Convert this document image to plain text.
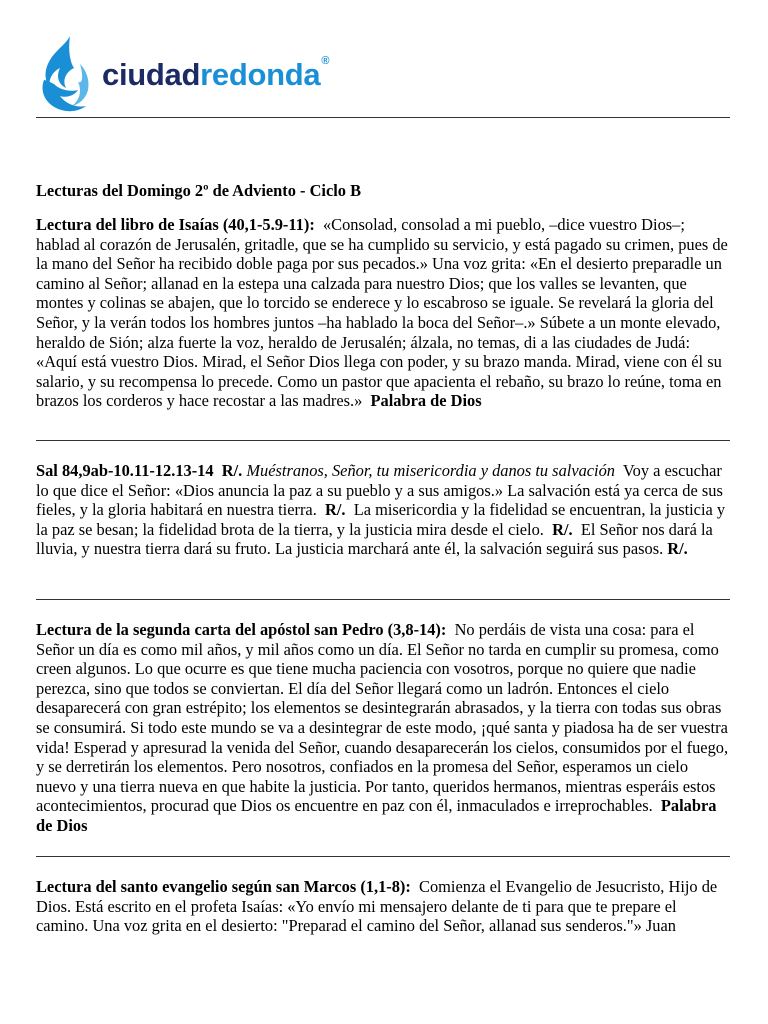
ciudad redonda ®
Lecturas del Domingo 2º de Adviento - Ciclo B
Lectura del libro de Isaías (40,1-5.9-11): «Consolad, consolad a mi pueblo, –dice vuestro Dios–; hablad al corazón de Jerusalén, gritadle, que se ha cumplido su servicio, y está pagado su crimen, pues de la mano del Señor ha recibido doble paga por sus pecados.» Una voz grita: «En el desierto preparadle un camino al Señor; allanad en la estepa una calzada para nuestro Dios; que los valles se levanten, que montes y colinas se abajen, que lo torcido se enderece y lo escabroso se iguale. Se revelará la gloria del Señor, y la verán todos los hombres juntos –ha hablado la boca del Señor–.» Súbete a un monte elevado, heraldo de Sión; alza fuerte la voz, heraldo de Jerusalén; álzala, no temas, di a las ciudades de Judá: «Aquí está vuestro Dios. Mirad, el Señor Dios llega con poder, y su brazo manda. Mirad, viene con él su salario, y su recompensa lo precede. Como un pastor que apacienta el rebaño, su brazo lo reúne, toma en brazos los corderos y hace recostar a las madres.» Palabra de Dios
Sal 84,9ab-10.11-12.13-14 R/. Muéstranos, Señor, tu misericordia y danos tu salvación Voy a escuchar lo que dice el Señor: «Dios anuncia la paz a su pueblo y a sus amigos.» La salvación está ya cerca de sus fieles, y la gloria habitará en nuestra tierra. R/. La misericordia y la fidelidad se encuentran, la justicia y la paz se besan; la fidelidad brota de la tierra, y la justicia mira desde el cielo. R/. El Señor nos dará la lluvia, y nuestra tierra dará su fruto. La justicia marchará ante él, la salvación seguirá sus pasos. R/.
Lectura de la segunda carta del apóstol san Pedro (3,8-14): No perdáis de vista una cosa: para el Señor un día es como mil años, y mil años como un día. El Señor no tarda en cumplir su promesa, como creen algunos. Lo que ocurre es que tiene mucha paciencia con vosotros, porque no quiere que nadie perezca, sino que todos se conviertan. El día del Señor llegará como un ladrón. Entonces el cielo desaparecerá con gran estrépito; los elementos se desintegrarán abrasados, y la tierra con todas sus obras se consumirá. Si todo este mundo se va a desintegrar de este modo, ¡qué santa y piadosa ha de ser vuestra vida! Esperad y apresurad la venida del Señor, cuando desaparecerán los cielos, consumidos por el fuego, y se derretirán los elementos. Pero nosotros, confiados en la promesa del Señor, esperamos un cielo nuevo y una tierra nueva en que habite la justicia. Por tanto, queridos hermanos, mientras esperáis estos acontecimientos, procurad que Dios os encuentre en paz con él, inmaculados e irreprochables. Palabra de Dios
Lectura del santo evangelio según san Marcos (1,1-8): Comienza el Evangelio de Jesucristo, Hijo de Dios. Está escrito en el profeta Isaías: «Yo envío mi mensajero delante de ti para que te prepare el camino. Una voz grita en el desierto: "Preparad el camino del Señor, allanad sus senderos."» Juan
